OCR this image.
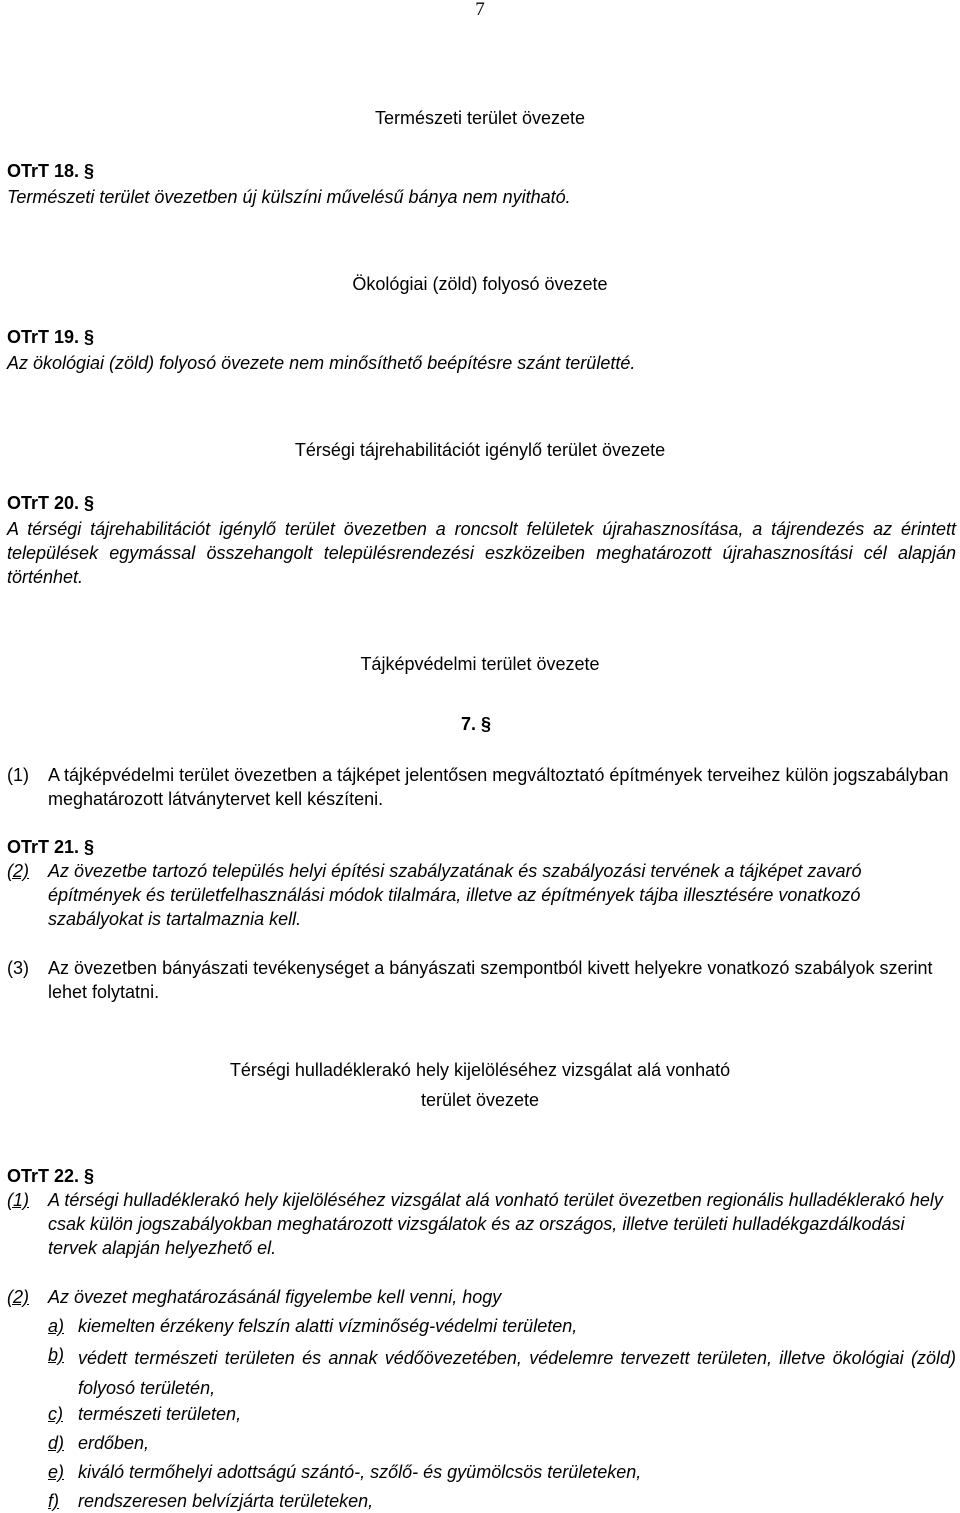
7
Természeti terület övezete
OTrT 18. §
Természeti terület övezetben új külszíni művelésű bánya nem nyitható.
Ökológiai (zöld) folyosó övezete
OTrT 19. §
Az ökológiai (zöld) folyosó övezete nem minősíthető beépítésre szánt területté.
Térségi tájrehabilitációt igénylő terület övezete
OTrT 20. §
A térségi tájrehabilitációt igénylő terület övezetben a roncsolt felületek újrahasznosítása, a tájrendezés az érintett települések egymással összehangolt településrendezési eszközeiben meghatározott újrahasznosítási cél alapján történhet.
Tájképvédelmi terület övezete
7. §
(1) A tájképvédelmi terület övezetben a tájképet jelentősen megváltoztató építmények terveihez külön jogszabályban meghatározott látványtervet kell készíteni.
OTrT 21. §
(2) Az övezetbe tartozó település helyi építési szabályzatának és szabályozási tervének a tájképet zavaró építmények és területfelhasználási módok tilalmára, illetve az építmények tájba illesztésére vonatkozó szabályokat is tartalmaznia kell.
(3) Az övezetben bányászati tevékenységet a bányászati szempontból kivett helyekre vonatkozó szabályok szerint lehet folytatni.
Térségi hulladéklerakó hely kijelöléséhez vizsgálat alá vonható
terület övezete
OTrT 22. §
(1) A térségi hulladéklerakó hely kijelöléséhez vizsgálat alá vonható terület övezetben regionális hulladéklerakó hely csak külön jogszabályokban meghatározott vizsgálatok és az országos, illetve területi hulladékgazdálkodási tervek alapján helyezhető el.
(2) Az övezet meghatározásánál figyelembe kell venni, hogy
a) kiemelten érzékeny felszín alatti vízminőség-védelmi területen,
b) védett természeti területen és annak védőövezetében, védelemre tervezett területen, illetve ökológiai (zöld) folyosó területén,
c) természeti területen,
d) erdőben,
e) kiváló termőhelyi adottságú szántó-, szőlő- és gyümölcsös területeken,
f) rendszeresen belvízjárta területeken,
